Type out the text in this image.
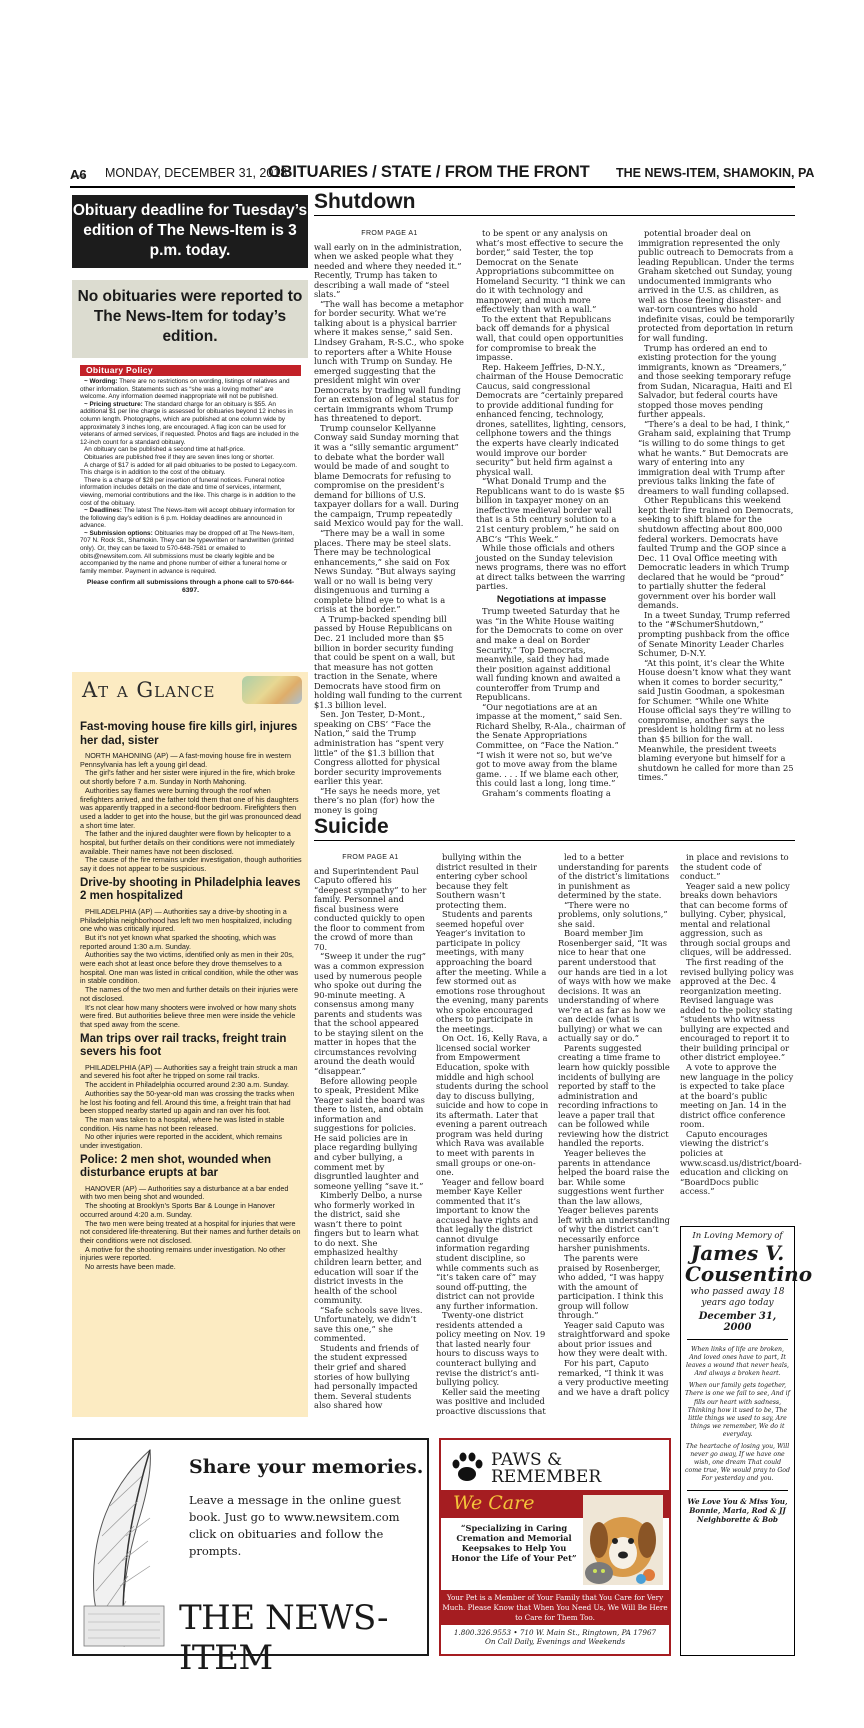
A6 MONDAY, DECEMBER 31, 2018
OBITUARIES / STATE / FROM THE FRONT THE NEWS-ITEM, SHAMOKIN, PA
Obituary deadline for Tuesday’s edition of The News-Item is 3 p.m. today.
No obituaries were reported to The News-Item for today’s edition.
Obituary Policy

~ Wording: There are no restrictions on wording, listings of relatives and other information. Statements such as “she was a loving mother” are welcome. Any information deemed inappropriate will not be published.

~ Pricing structure: The standard charge for an obituary is $55. An additional $1 per line charge is assessed for obituaries beyond 12 inches in column length. Photographs, which are published at one column wide by approximately 3 inches long, are encouraged. A flag icon can be used for veterans of armed services, if requested. Photos and flags are included in the 12-inch count for a standard obituary.

An obituary can be published a second time at half-price.

Obituaries are published free if they are seven lines long or shorter.

A charge of $17 is added for all paid obituaries to be posted to Legacy.com. This charge is in addition to the cost of the obituary.

There is a charge of $28 per insertion of funeral notices. Funeral notice information includes details on the date and time of services, interment, viewing, memorial contributions and the like. This charge is in addition to the cost of the obituary.

~ Deadlines: The latest The News-Item will accept obituary information for the following day’s edition is 6 p.m. Holiday deadlines are announced in advance.

~ Submission options: Obituaries may be dropped off at The News-Item, 707 N. Rock St., Shamokin. They can be typewritten or handwritten (printed only). Or, they can be faxed to 570-648-7581 or emailed to obits@newsitem.com. All submissions must be clearly legible and be accompanied by the name and phone number of either a funeral home or family member. Payment in advance is required.

Please confirm all submissions through a phone call to 570-644-6397.

At a Glance
Fast-moving house fire kills girl, injures her dad, sister

NORTH MAHONING (AP) — A fast-moving house fire in western Pennsylvania has left a young girl dead.

The girl’s father and her sister were injured in the fire, which broke out shortly before 7 a.m. Sunday in North Mahoning.

Authorities say flames were burning through the roof when firefighters arrived, and the father told them that one of his daughters was apparently trapped in a second-floor bedroom. Firefighters then used a ladder to get into the house, but the girl was pronounced dead a short time later.

The father and the injured daughter were flown by helicopter to a hospital, but further details on their conditions were not immediately available. Their names have not been disclosed.

The cause of the fire remains under investigation, though authorities say it does not appear to be suspicious.

Drive-by shooting in Philadelphia leaves 2 men hospitalized

PHILADELPHIA (AP) — Authorities say a drive-by shooting in a Philadelphia neighborhood has left two men hospitalized, including one who was critically injured.

But it’s not yet known what sparked the shooting, which was reported around 1:30 a.m. Sunday.

Authorities say the two victims, identified only as men in their 20s, were each shot at least once before they drove themselves to a hospital. One man was listed in critical condition, while the other was in stable condition.

The names of the two men and further details on their injuries were not disclosed.

It’s not clear how many shooters were involved or how many shots were fired. But authorities believe three men were inside the vehicle that sped away from the scene.

Man trips over rail tracks, freight train severs his foot

PHILADELPHIA (AP) — Authorities say a freight train struck a man and severed his foot after he tripped on some rail tracks.

The accident in Philadelphia occurred around 2:30 a.m. Sunday.

Authorities say the 50-year-old man was crossing the tracks when he lost his footing and fell. Around this time, a freight train that had been stopped nearby started up again and ran over his foot.

The man was taken to a hospital, where he was listed in stable condition. His name has not been released.

No other injuries were reported in the accident, which remains under investigation.

Police: 2 men shot, wounded when disturbance erupts at bar

HANOVER (AP) — Authorities say a disturbance at a bar ended with two men being shot and wounded.

The shooting at Brooklyn’s Sports Bar & Lounge in Hanover occurred around 4:20 a.m. Sunday.

The two men were being treated at a hospital for injuries that were not considered life-threatening. But their names and further details on their conditions were not disclosed.

A motive for the shooting remains under investigation. No other injuries were reported.

No arrests have been made.

Shutdown
FROM PAGE A1

wall early on in the administration, when we asked people what they needed and where they needed it.” Recently, Trump has taken to describing a wall made of “steel slats.”

“The wall has become a metaphor for border security. What we’re talking about is a physical barrier where it makes sense,” said Sen. Lindsey Graham, R-S.C., who spoke to reporters after a White House lunch with Trump on Sunday. He emerged suggesting that the president might win over Democrats by trading wall funding for an extension of legal status for certain immigrants whom Trump has threatened to deport.

Trump counselor Kellyanne Conway said Sunday morning that it was a “silly semantic argument” to debate what the border wall would be made of and sought to blame Democrats for refusing to compromise on the president’s demand for billions of U.S. taxpayer dollars for a wall. During the campaign, Trump repeatedly said Mexico would pay for the wall.

“There may be a wall in some places. There may be steel slats. There may be technological enhancements,” she said on Fox News Sunday. “But always saying wall or no wall is being very disingenuous and turning a complete blind eye to what is a crisis at the border.”

A Trump-backed spending bill passed by House Republicans on Dec. 21 included more than $5 billion in border security funding that could be spent on a wall, but that measure has not gotten traction in the Senate, where Democrats have stood firm on holding wall funding to the current $1.3 billion level.

Sen. Jon Tester, D-Mont., speaking on CBS’ “Face the Nation,” said the Trump administration has “spent very little” of the $1.3 billion that Congress allotted for physical border security improvements earlier this year.

“He says he needs more, yet there’s no plan (for) how the money is going

to be spent or any analysis on what’s most effective to secure the border,” said Tester, the top Democrat on the Senate Appropriations subcommittee on Homeland Security. “I think we can do it with technology and manpower, and much more effectively than with a wall.”

To the extent that Republicans back off demands for a physical wall, that could open opportunities for compromise to break the impasse.

Rep. Hakeem Jeffries, D-N.Y., chairman of the House Democratic Caucus, said congressional Democrats are “certainly prepared to provide additional funding for enhanced fencing, technology, drones, satellites, lighting, censors, cellphone towers and the things the experts have clearly indicated would improve our border security” but held firm against a physical wall.

“What Donald Trump and the Republicans want to do is waste $5 billion in taxpayer money on an ineffective medieval border wall that is a 5th century solution to a 21st century problem,” he said on ABC’s “This Week.”

While those officials and others jousted on the Sunday television news programs, there was no effort at direct talks between the warring parties.

Negotiations at impasse

Trump tweeted Saturday that he was “in the White House waiting for the Democrats to come on over and make a deal on Border Security.” Top Democrats, meanwhile, said they had made their position against additional wall funding known and awaited a counteroffer from Trump and Republicans.

“Our negotiations are at an impasse at the moment,” said Sen. Richard Shelby, R-Ala., chairman of the Senate Appropriations Committee, on “Face the Nation.” “I wish it were not so, but we’ve got to move away from the blame game. . . . If we blame each other, this could last a long, long time.”

Graham’s comments floating a

potential broader deal on immigration represented the only public outreach to Democrats from a leading Republican. Under the terms Graham sketched out Sunday, young undocumented immigrants who arrived in the U.S. as children, as well as those fleeing disaster- and war-torn countries who hold indefinite visas, could be temporarily protected from deportation in return for wall funding.

Trump has ordered an end to existing protection for the young immigrants, known as “Dreamers,” and those seeking temporary refuge from Sudan, Nicaragua, Haiti and El Salvador, but federal courts have stopped those moves pending further appeals.

“There’s a deal to be had, I think,” Graham said, explaining that Trump “is willing to do some things to get what he wants.” But Democrats are wary of entering into any immigration deal with Trump after previous talks linking the fate of dreamers to wall funding collapsed.

Other Republicans this weekend kept their fire trained on Democrats, seeking to shift blame for the shutdown affecting about 800,000 federal workers. Democrats have faulted Trump and the GOP since a Dec. 11 Oval Office meeting with Democratic leaders in which Trump declared that he would be “proud” to partially shutter the federal government over his border wall demands.

In a tweet Sunday, Trump referred to the “#SchumerShutdown,” prompting pushback from the office of Senate Minority Leader Charles Schumer, D-N.Y.

“At this point, it’s clear the White House doesn’t know what they want when it comes to border security,” said Justin Goodman, a spokesman for Schumer. “While one White House official says they’re willing to compromise, another says the president is holding firm at no less than $5 billion for the wall. Meanwhile, the president tweets blaming everyone but himself for a shutdown he called for more than 25 times.”

Suicide
FROM PAGE A1

and Superintendent Paul Caputo offered his “deepest sympathy” to her family. Personnel and fiscal business were conducted quickly to open the floor to comment from the crowd of more than 70.

“Sweep it under the rug” was a common expression used by numerous people who spoke out during the 90-minute meeting. A consensus among many parents and students was that the school appeared to be staying silent on the matter in hopes that the circumstances revolving around the death would “disappear.”

Before allowing people to speak, President Mike Yeager said the board was there to listen, and obtain information and suggestions for policies. He said policies are in place regarding bullying and cyber bullying, a comment met by disgruntled laughter and someone yelling “save it.”

Kimberly Delbo, a nurse who formerly worked in the district, said she wasn’t there to point fingers but to learn what to do next. She emphasized healthy children learn better, and education will soar if the district invests in the health of the school community.

“Safe schools save lives. Unfortunately, we didn’t save this one,” she commented.

Students and friends of the student expressed their grief and shared stories of how bullying had personally impacted them. Several students also shared how

bullying within the district resulted in their entering cyber school because they felt Southern wasn’t protecting them.

Students and parents seemed hopeful over Yeager’s invitation to participate in policy meetings, with many approaching the board after the meeting. While a few stormed out as emotions rose throughout the evening, many parents who spoke encouraged others to participate in the meetings.

On Oct. 16, Kelly Rava, a licensed social worker from Empowerment Education, spoke with middle and high school students during the school day to discuss bullying, suicide and how to cope in its aftermath. Later that evening a parent outreach program was held during which Rava was available to meet with parents in small groups or one-on-one.

Yeager and fellow board member Kaye Keller commented that it’s important to know the accused have rights and that legally the district cannot divulge information regarding student discipline, so while comments such as “it’s taken care of” may sound off-putting, the district can not provide any further information.

Twenty-one district residents attended a policy meeting on Nov. 19 that lasted nearly four hours to discuss ways to counteract bullying and revise the district’s anti-bullying policy.

Keller said the meeting was positive and included proactive discussions that

led to a better understanding for parents of the district’s limitations in punishment as determined by the state.

“There were no problems, only solutions,” she said.

Board member Jim Rosenberger said, “It was nice to hear that one parent understood that our hands are tied in a lot of ways with how we make decisions. It was an understanding of where we’re at as far as how we can decide (what is bullying) or what we can actually say or do.”

Parents suggested creating a time frame to learn how quickly possible incidents of bullying are reported by staff to the administration and recording infractions to leave a paper trail that can be followed while reviewing how the district handled the reports.

Yeager believes the parents in attendance helped the board raise the bar. While some suggestions went further than the law allows, Yeager believes parents left with an understanding of why the district can’t necessarily enforce harsher punishments.

The parents were praised by Rosenberger, who added, “I was happy with the amount of participation. I think this group will follow through.”

Yeager said Caputo was straightforward and spoke about prior issues and how they were dealt with.

For his part, Caputo remarked, “I think it was a very productive meeting and we have a draft policy

in place and revisions to the student code of conduct.”

Yeager said a new policy breaks down behaviors that can become forms of bullying. Cyber, physical, mental and relational aggression, such as through social groups and cliques, will be addressed.

The first reading of the revised bullying policy was approved at the Dec. 4 reorganization meeting. Revised language was added to the policy stating “students who witness bullying are expected and encouraged to report it to their building principal or other district employee.”

A vote to approve the new language in the policy is expected to take place at the board’s public meeting on Jan. 14 in the district office conference room.

Caputo encourages viewing the district’s policies at www.scasd.us/district/board-education and clicking on “BoardDocs public access.”

In Loving Memory of
James V. Cousentino
who passed away 18 years ago today
December 31, 2000

When links of life are broken, And loved ones have to part, It leaves a wound that never heals, And always a broken heart.

When our family gets together, There is one we fail to see, And if fills our heart with sadness, Thinking how it used to be, The little things we used to say, Are things we remember, We do it everyday.

The heartache of losing you, Will never go away, If we have one wish, one dream That could come true, We would pray to God For yesterday and you.

We Love You & Miss You, Bonnie, Maria, Rod & JJ Neighborette & Bob
Share your memories.
Leave a message in the online guest book. Just go to www.newsitem.com click on obituaries and follow the prompts.
THE NEWS-ITEM
PAWS &
REMEMBER
We Care
“Specializing in Caring Cremation and Memorial Keepsakes to Help You Honor the Life of Your Pet”
Your Pet is a Member of Your Family that You Care for Very Much. Please Know that When You Need Us, We Will Be Here to Care for Them Too.
1.800.326.9553 • 710 W. Main St., Ringtown, PA 17967
On Call Daily, Evenings and Weekends
